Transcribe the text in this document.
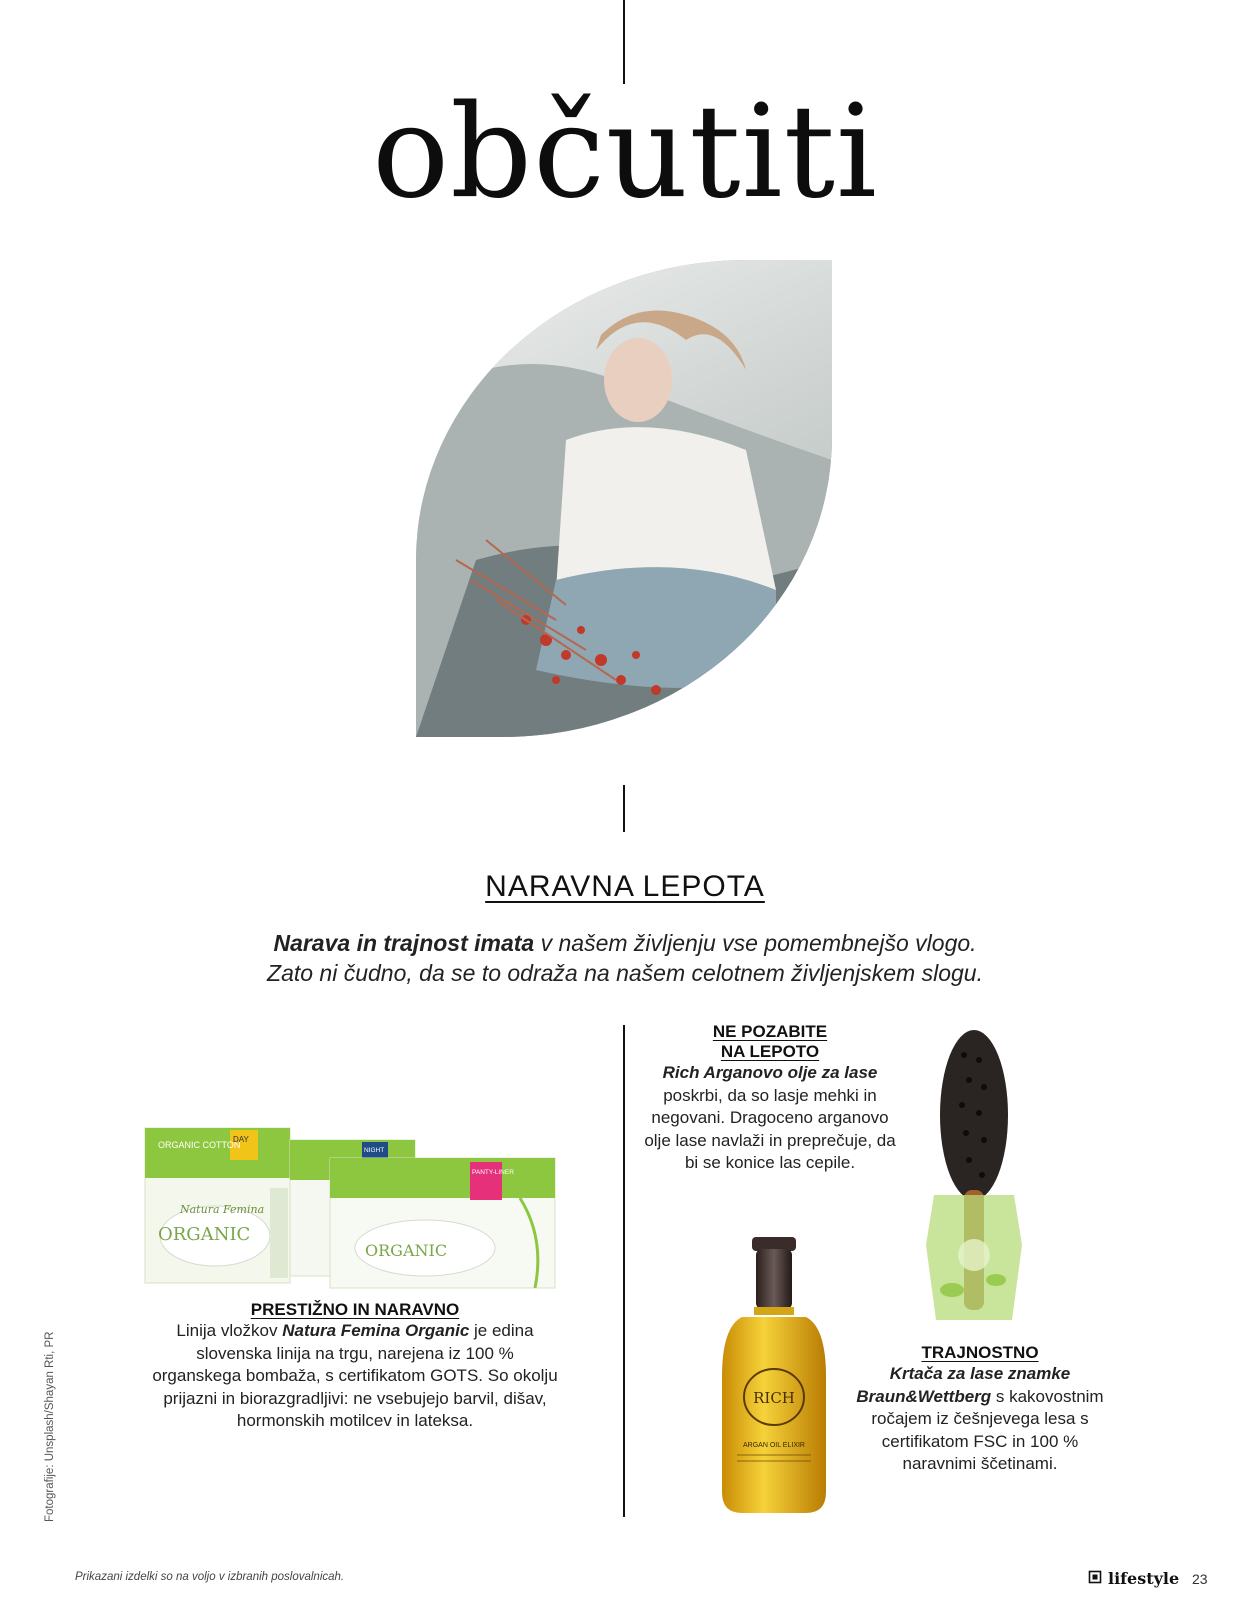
občutiti
NARAVNA LEPOTA
Narava in trajnost imata v našem življenju vse pomembnejšo vlogo.
Zato ni čudno, da se to odraža na našem celotnem življenjskem slogu.
ORGANIC COTTON
DAY
Natura Femina
ORGANIC
NIGHT
PANTY-LINER
ORGANIC
PRESTIŽNO IN NARAVNO
Linija vložkov Natura Femina Organic je edina slovenska linija na trgu, narejena iz 100 % organskega bombaža, s certifikatom GOTS. So okolju prijazni in biorazgradljivi: ne vsebujejo barvil, dišav, hormonskih motilcev in lateksa.
NE POZABITE
NA LEPOTO
Rich Arganovo olje za lase poskrbi, da so lasje mehki in negovani. Dragoceno arganovo olje lase navlaži in preprečuje, da bi se konice las cepile.
RICH
ARGAN OIL ELIXIR
TRAJNOSTNO
Krtača za lase znamke Braun&Wettberg s kakovostnim ročajem iz češnjevega lesa s certifikatom FSC in 100 % naravnimi ščetinami.
Fotografije: Unsplash/Shayan Rti, PR
Prikazani izdelki so na voljo v izbranih poslovalnicah.	lifestyle 23
